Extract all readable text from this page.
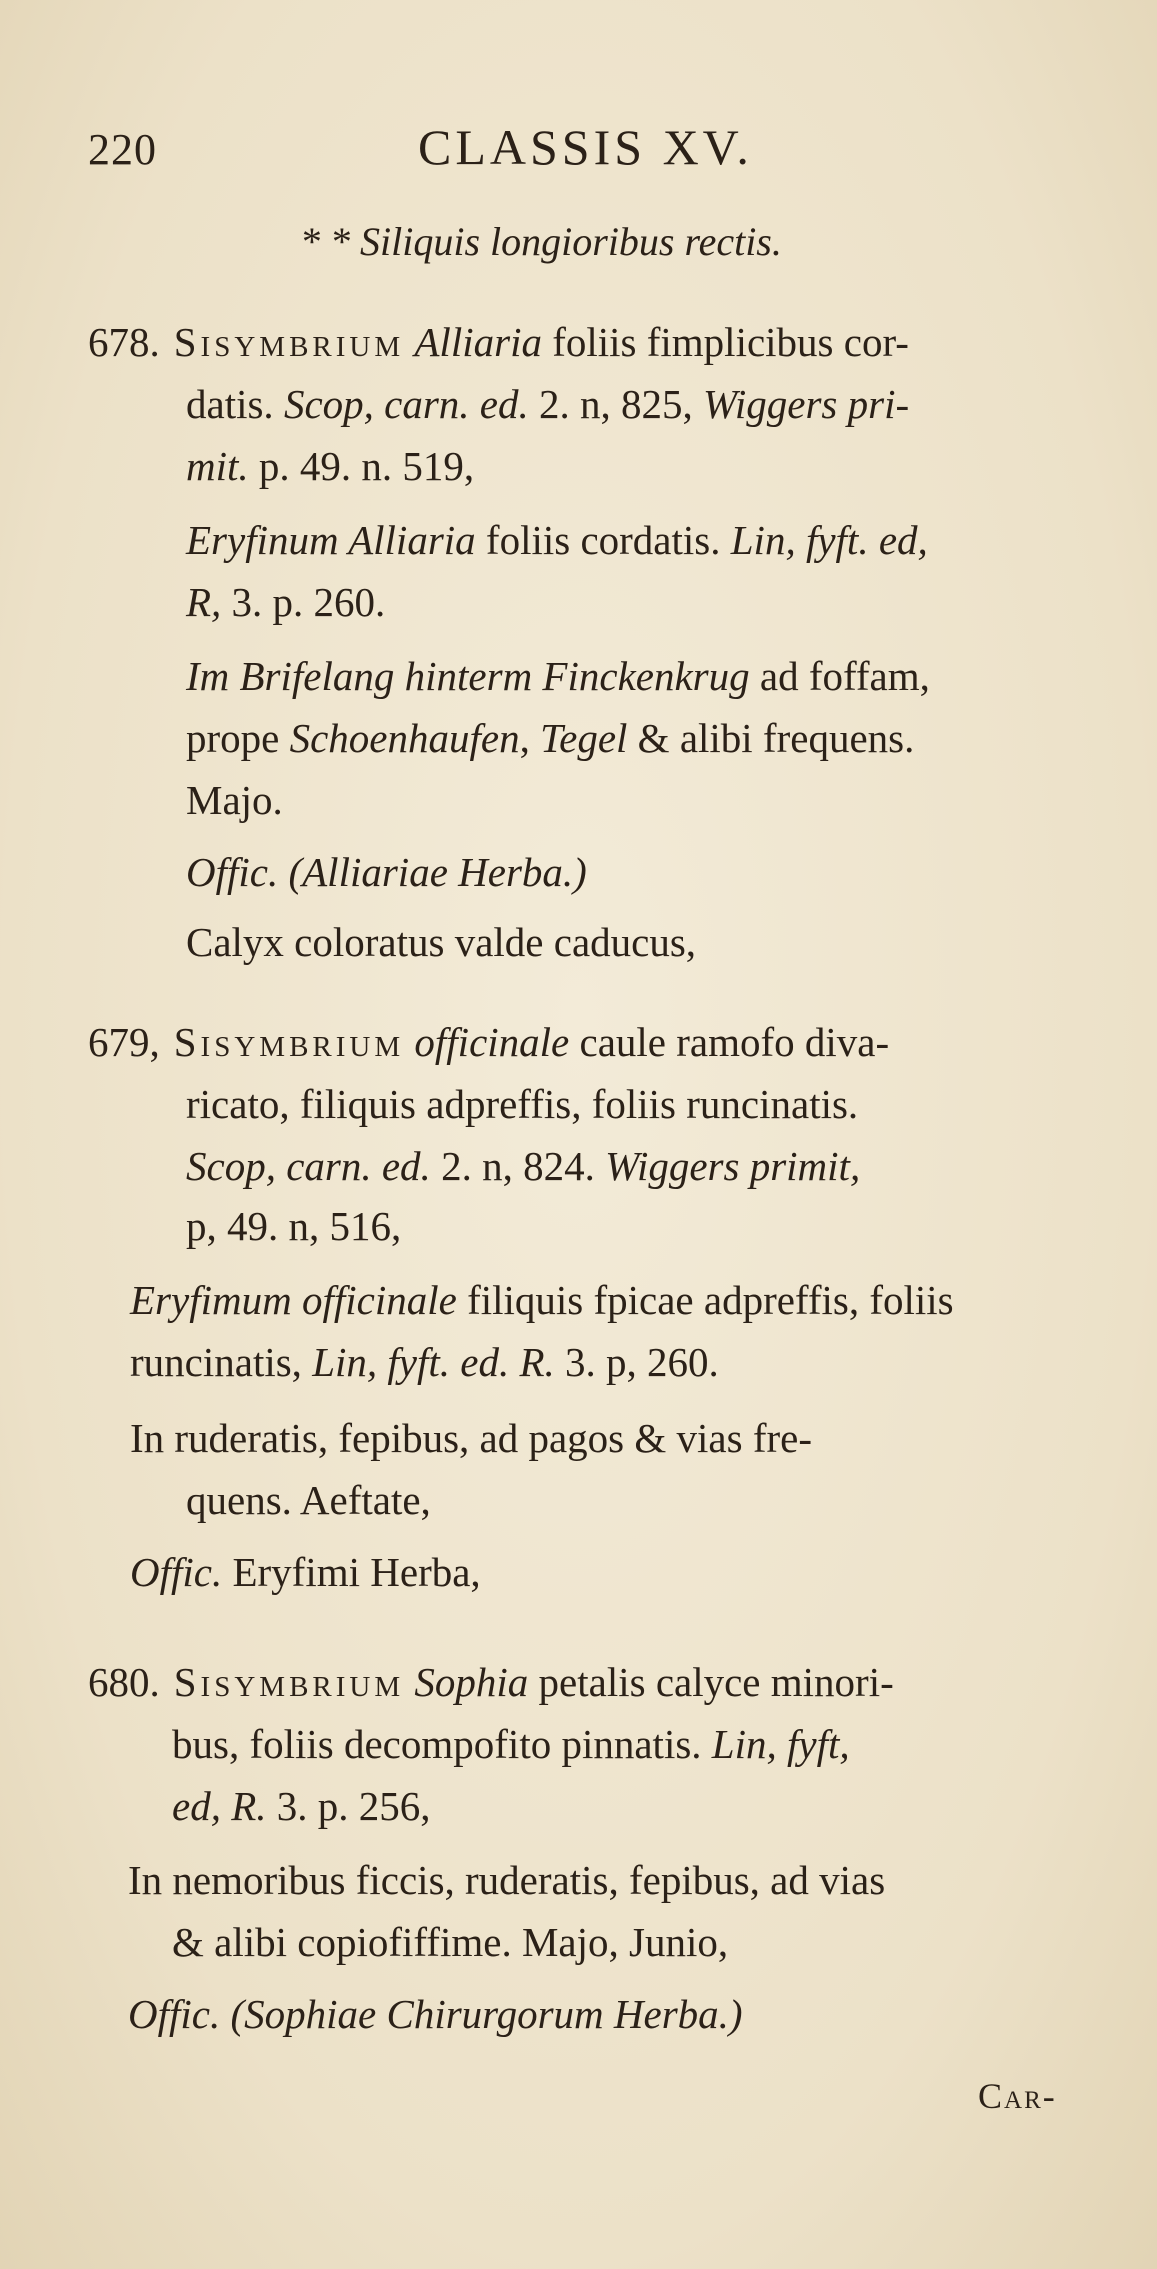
220	CLASSIS XV.
* * Siliquis longioribus rectis.
678. Sisymbrium Alliaria foliis fimplicibus cor-
datis. Scop, carn. ed. 2. n, 825, Wiggers pri-
mit. p. 49. n. 519,
Eryfinum Alliaria foliis cordatis. Lin, fyft. ed,
R, 3. p. 260.
Im Brifelang hinterm Finckenkrug ad foffam,
prope Schoenhaufen, Tegel & alibi frequens.
Majo.
Offic. (Alliariae Herba.)
Calyx coloratus valde caducus,
679, Sisymbrium officinale caule ramofo diva-
ricato, filiquis adpreffis, foliis runcinatis.
Scop, carn. ed. 2. n, 824. Wiggers primit,
p, 49. n, 516,
Eryfimum officinale filiquis fpicae adpreffis, foliis
runcinatis, Lin, fyft. ed. R. 3. p, 260.
In ruderatis, fepibus, ad pagos & vias fre-
quens. Aeftate,
Offic. Eryfimi Herba,
680. Sisymbrium Sophia petalis calyce minori-
bus, foliis decompofito pinnatis. Lin, fyft,
ed, R. 3. p. 256,
In nemoribus ficcis, ruderatis, fepibus, ad vias
& alibi copiofiffime. Majo, Junio,
Offic. (Sophiae Chirurgorum Herba.)
Car-
